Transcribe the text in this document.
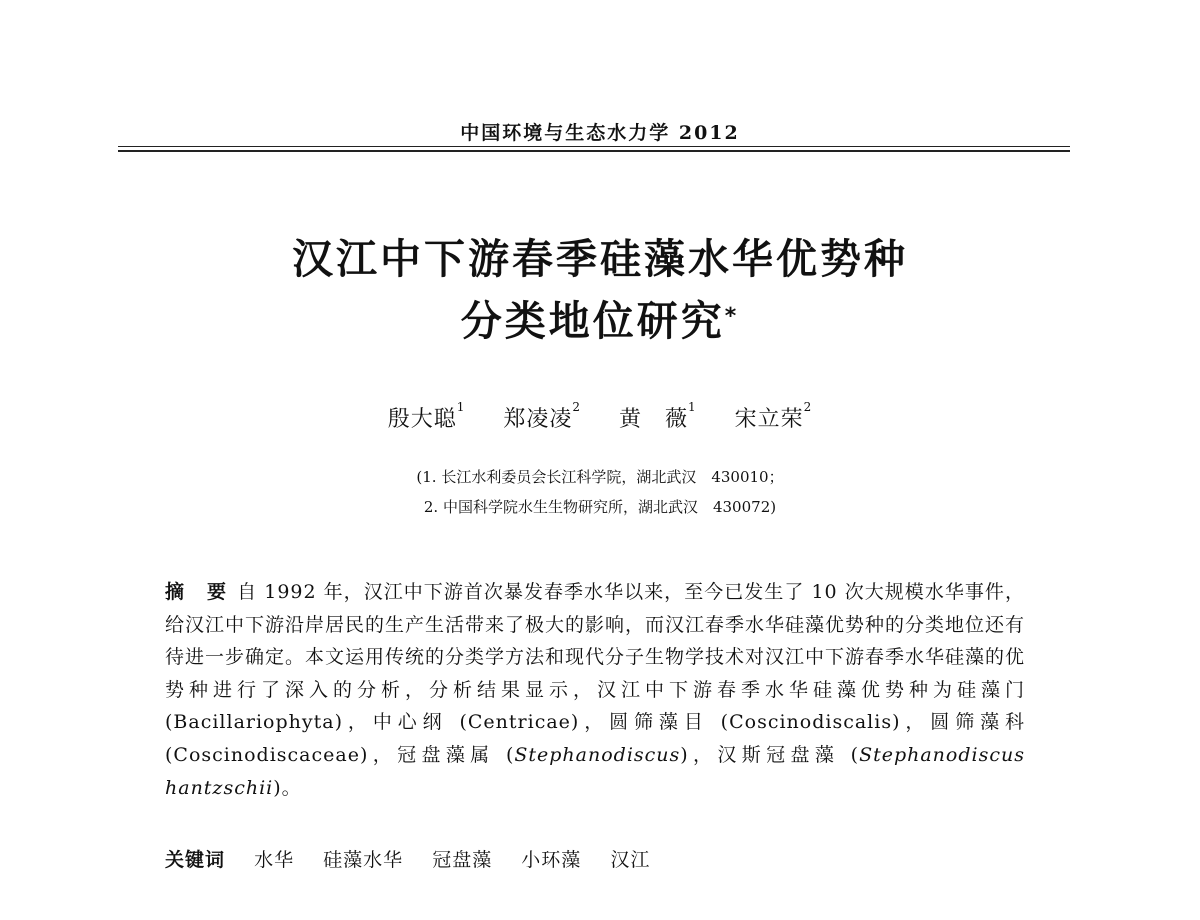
中国环境与生态水力学 2012
汉江中下游春季硅藻水华优势种
分类地位研究*
殷大聪$^1$ 郑凌凌$^2$ 黄　薇$^1$ 宋立荣$^2$
(1. 长江水利委员会长江科学院，湖北武汉　430010；
2. 中国科学院水生生物研究所，湖北武汉　430072)
摘 要 自 1992 年，汉江中下游首次暴发春季水华以来，至今已发生了 10 次大规模水华事件，给汉江中下游沿岸居民的生产生活带来了极大的影响，而汉江春季水华硅藻优势种的分类地位还有待进一步确定。本文运用传统的分类学方法和现代分子生物学技术对汉江中下游春季水华硅藻的优势种进行了深入的分析，分析结果显示，汉江中下游春季水华硅藻优势种为硅藻门 (Bacillariophyta)，中心纲 (Centricae)，圆筛藻目 (Coscinodiscalis)，圆筛藻科 (Coscinodiscaceae)，冠盘藻属 (Stephanodiscus)，汉斯冠盘藻 (Stephanodiscus hantzschii)。
关键词 水华 硅藻水华 冠盘藻 小环藻 汉江
